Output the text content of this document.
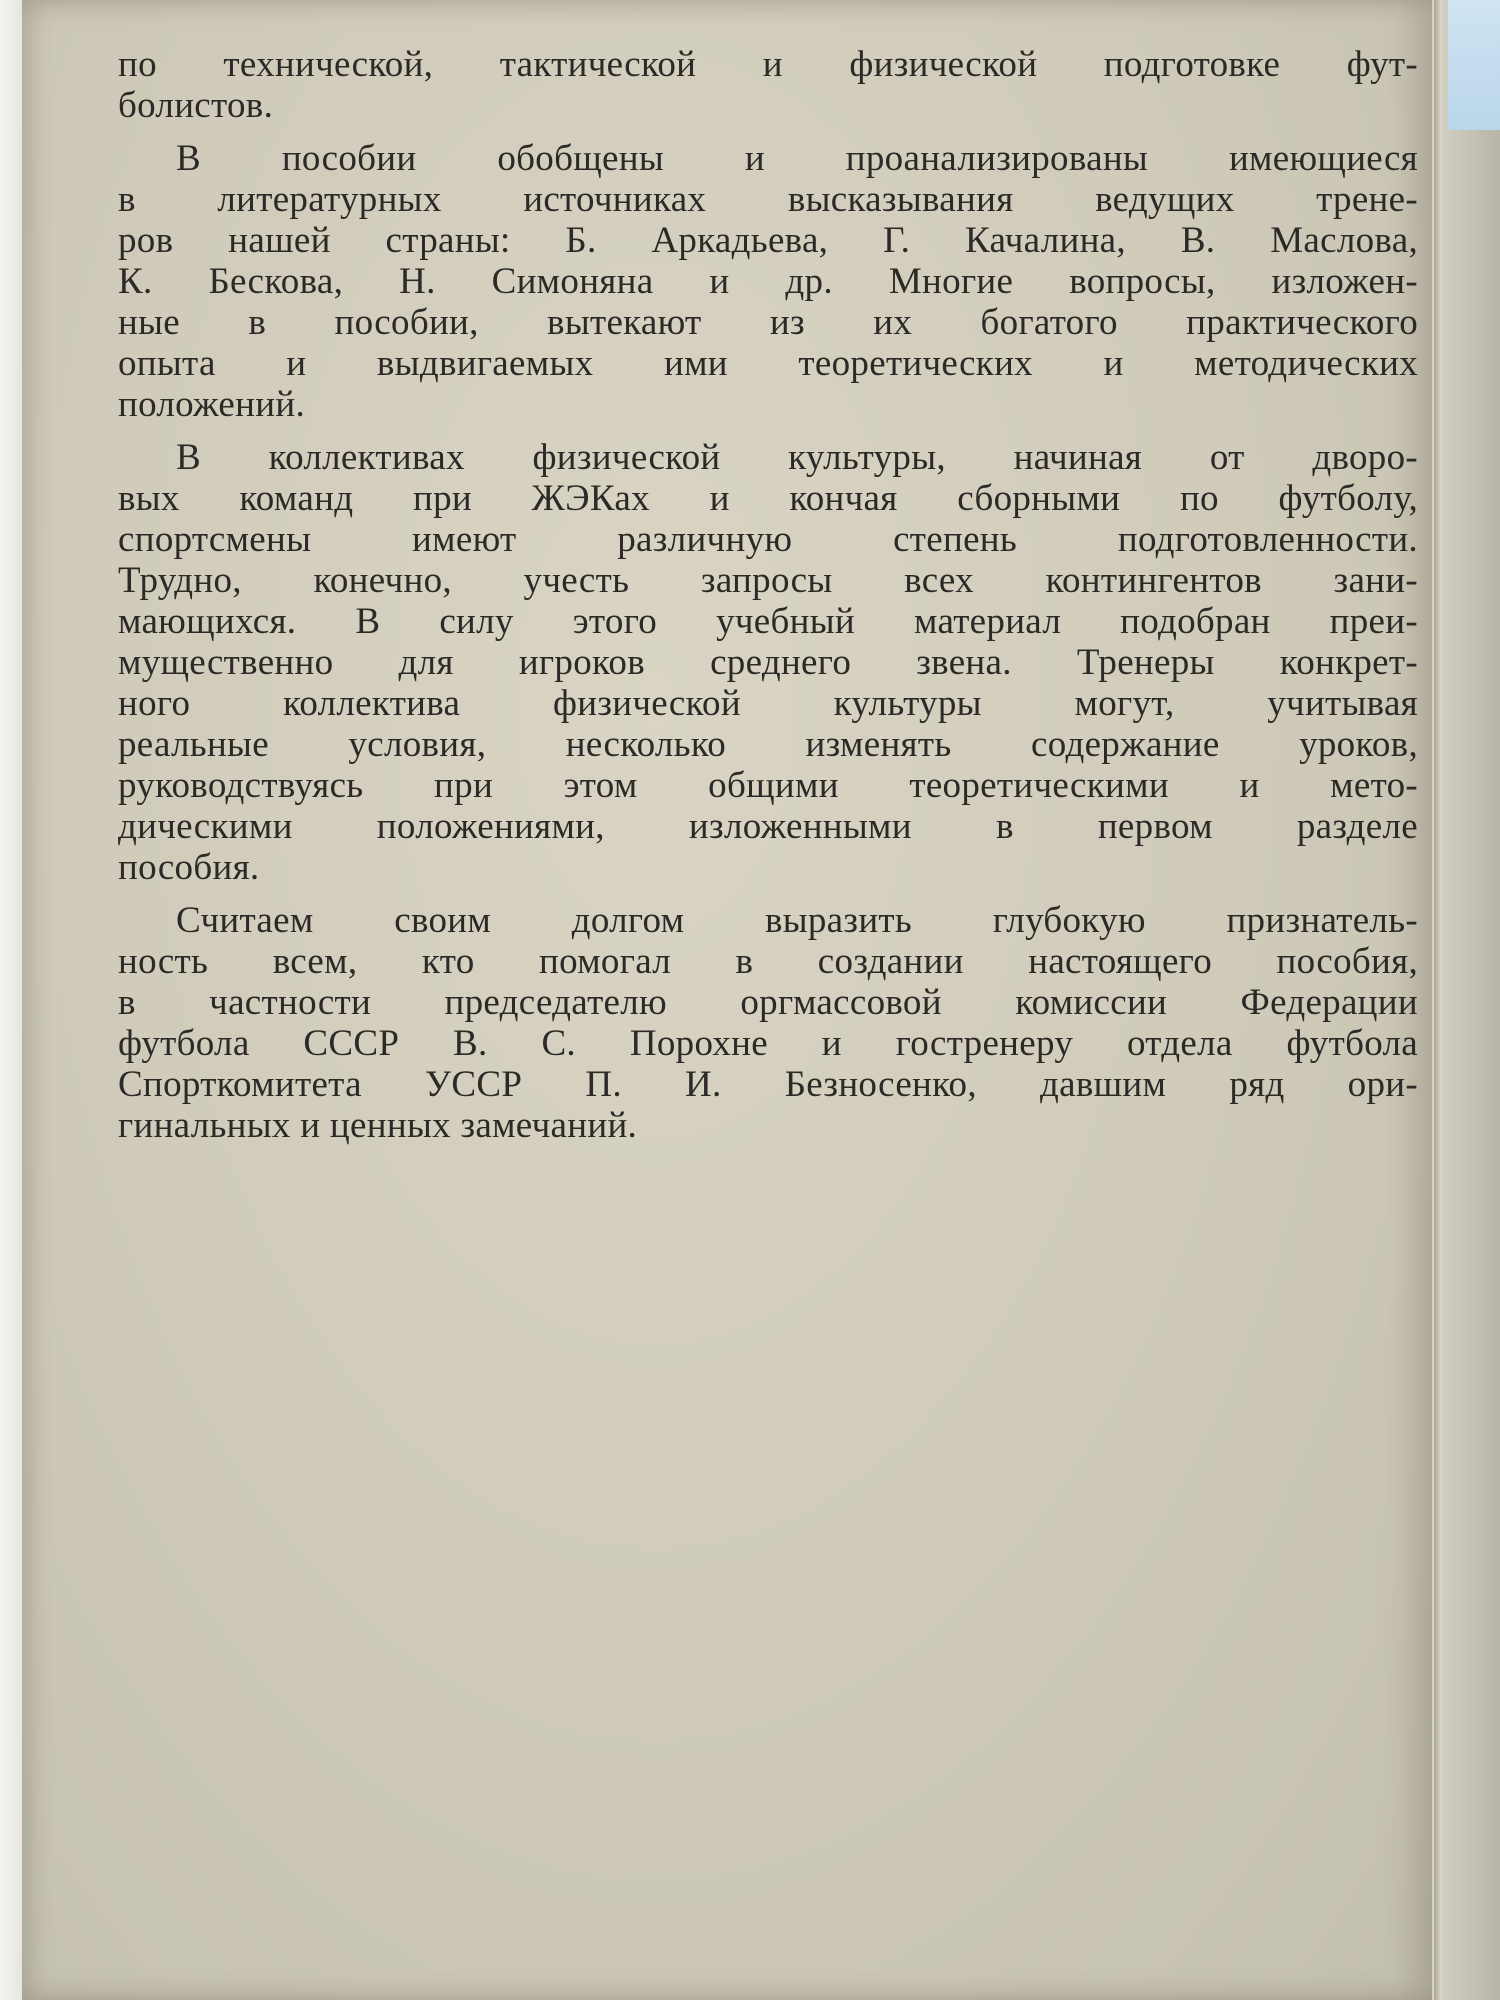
по технической, тактической и физической подготовке фут-
болистов.
В пособии обобщены и проанализированы имеющиеся
в литературных источниках высказывания ведущих трене-
ров нашей страны: Б. Аркадьева, Г. Качалина, В. Маслова,
К. Бескова, Н. Симоняна и др. Многие вопросы, изложен-
ные в пособии, вытекают из их богатого практического
опыта и выдвигаемых ими теоретических и методических
положений.
В коллективах физической культуры, начиная от дворо-
вых команд при ЖЭКах и кончая сборными по футболу,
спортсмены имеют различную степень подготовленности.
Трудно, конечно, учесть запросы всех контингентов зани-
мающихся. В силу этого учебный материал подобран преи-
мущественно для игроков среднего звена. Тренеры конкрет-
ного коллектива физической культуры могут, учитывая
реальные условия, несколько изменять содержание уроков,
руководствуясь при этом общими теоретическими и мето-
дическими положениями, изложенными в первом разделе
пособия.
Считаем своим долгом выразить глубокую признатель-
ность всем, кто помогал в создании настоящего пособия,
в частности председателю оргмассовой комиссии Федерации
футбола СССР В. С. Порохне и гостренеру отдела футбола
Спорткомитета УССР П. И. Безносенко, давшим ряд ори-
гинальных и ценных замечаний.
